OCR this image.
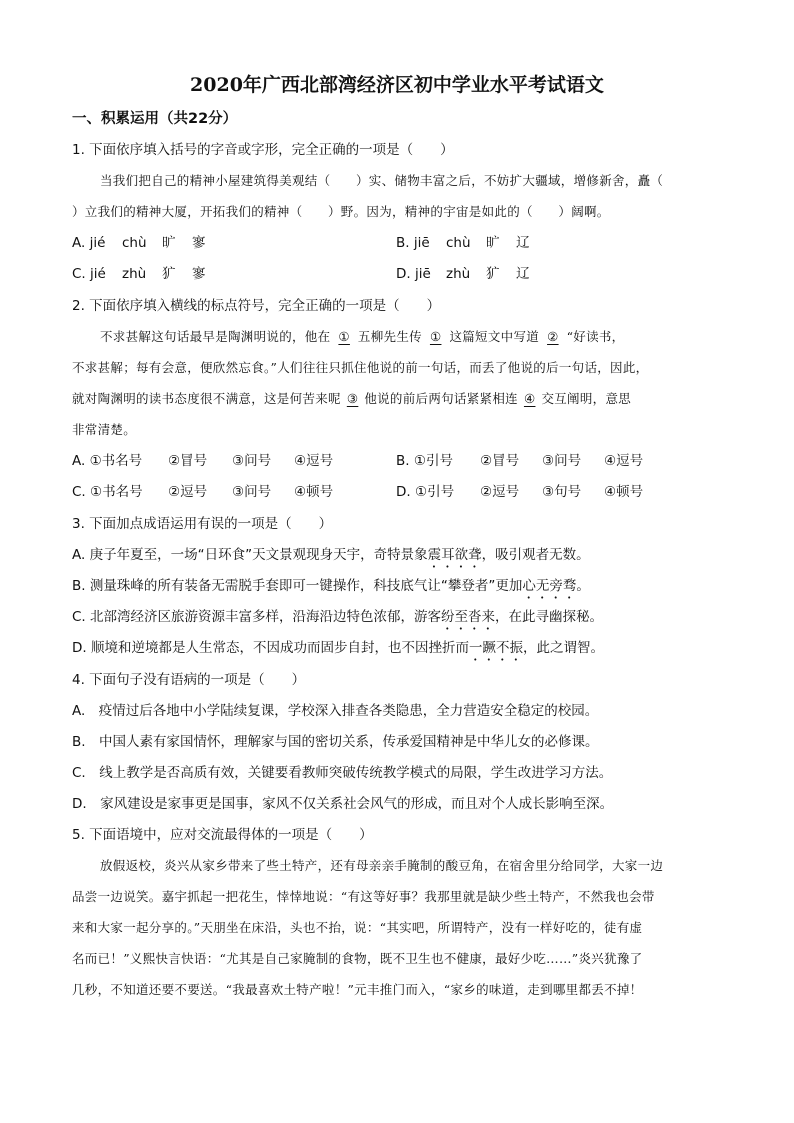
2020年广西北部湾经济区初中学业水平考试语文
一、积累运用（共22分）
1. 下面依序填入括号的字音或字形，完全正确的一项是（　　）
当我们把自己的精神小屋建筑得美观结（　　）实、储物丰富之后，不妨扩大疆域，增修新舍，矗（
）立我们的精神大厦，开拓我们的精神（　　）野。因为，精神的宇宙是如此的（　　）阔啊。
A. jié chù 旷 寥	B. jiē chù 旷 辽
C. jié zhù 犷 寥	D. jiē zhù 犷 辽
2. 下面依序填入横线的标点符号，完全正确的一项是（　　）
不求甚解这句话最早是陶渊明说的，他在 ① 五柳先生传 ① 这篇短文中写道 ② “好读书，
不求甚解；每有会意，便欣然忘食。”人们往往只抓住他说的前一句话，而丢了他说的后一句话，因此，
就对陶渊明的读书态度很不满意，这是何苦来呢 ③ 他说的前后两句话紧紧相连 ④ 交互阐明，意思
非常清楚。
A. ①书名号 ②冒号 ③问号 ④逗号	B. ①引号 ②冒号 ③问号 ④逗号
C. ①书名号 ②逗号 ③问号 ④顿号	D. ①引号 ②逗号 ③句号 ④顿号
3. 下面加点成语运用有误的一项是（　　）
A. 庚子年夏至，一场“日环食”天文景观现身天宇，奇特景象震耳欲聋，吸引观者无数。
B. 测量珠峰的所有装备无需脱手套即可一键操作，科技底气让“攀登者”更加心无旁骛。
C. 北部湾经济区旅游资源丰富多样，沿海沿边特色浓郁，游客纷至沓来，在此寻幽探秘。
D. 顺境和逆境都是人生常态，不因成功而固步自封，也不因挫折而一蹶不振，此之谓智。
4. 下面句子没有语病的一项是（　　）
A.　疫情过后各地中小学陆续复课，学校深入排查各类隐患，全力营造安全稳定的校园。
B.　中国人素有家国情怀，理解家与国的密切关系，传承爱国精神是中华儿女的必修课。
C.　线上教学是否高质有效，关键要看教师突破传统教学模式的局限，学生改进学习方法。
D.　家风建设是家事更是国事，家风不仅关系社会风气的形成，而且对个人成长影响至深。
5. 下面语境中，应对交流最得体的一项是（　　）
放假返校，炎兴从家乡带来了些土特产，还有母亲亲手腌制的酸豆角，在宿舍里分给同学，大家一边
品尝一边说笑。嘉宇抓起一把花生，悻悻地说：“有这等好事？我那里就是缺少些土特产，不然我也会带
来和大家一起分享的。”天朋坐在床沿，头也不抬，说：“其实吧，所谓特产，没有一样好吃的，徒有虚
名而已！”义熙快言快语：“尤其是自己家腌制的食物，既不卫生也不健康，最好少吃……”炎兴犹豫了
几秒，不知道还要不要送。“我最喜欢土特产啦！”元丰推门而入，“家乡的味道，走到哪里都丢不掉！
